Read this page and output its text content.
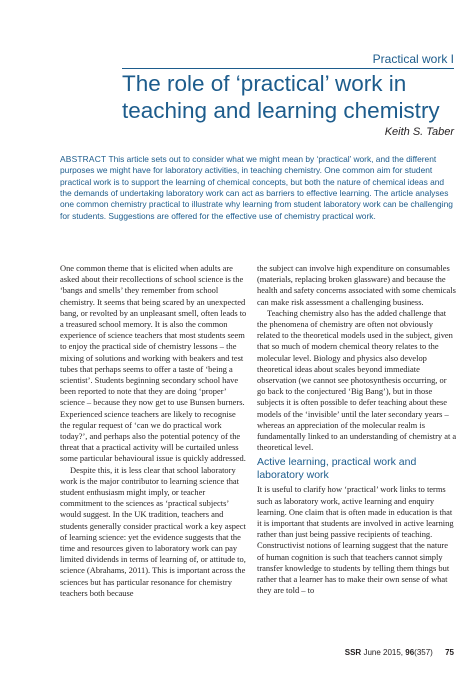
Practical work I
The role of ‘practical’ work in teaching and learning chemistry
Keith S. Taber
ABSTRACT This article sets out to consider what we might mean by ‘practical’ work, and the different purposes we might have for laboratory activities, in teaching chemistry. One common aim for student practical work is to support the learning of chemical concepts, but both the nature of chemical ideas and the demands of undertaking laboratory work can act as barriers to effective learning. The article analyses one common chemistry practical to illustrate why learning from student laboratory work can be challenging for students. Suggestions are offered for the effective use of chemistry practical work.

One common theme that is elicited when adults are asked about their recollections of school science is the ‘bangs and smells’ they remember from school chemistry. It seems that being scared by an unexpected bang, or revolted by an unpleasant smell, often leads to a treasured school memory. It is also the common experience of science teachers that most students seem to enjoy the practical side of chemistry lessons – the mixing of solutions and working with beakers and test tubes that perhaps seems to offer a taste of ‘being a scientist’. Students beginning secondary school have been reported to note that they are doing ‘proper’ science – because they now get to use Bunsen burners. Experienced science teachers are likely to recognise the regular request of ‘can we do practical work today?’, and perhaps also the potential potency of the threat that a practical activity will be curtailed unless some particular behavioural issue is quickly addressed.

Despite this, it is less clear that school laboratory work is the major contributor to learning science that student enthusiasm might imply, or teacher commitment to the sciences as ‘practical subjects’ would suggest. In the UK tradition, teachers and students generally consider practical work a key aspect of learning science: yet the evidence suggests that the time and resources given to laboratory work can pay limited dividends in terms of learning of, or attitude to, science (Abrahams, 2011). This is important across the sciences but has particular resonance for chemistry teachers both because

the subject can involve high expenditure on consumables (materials, replacing broken glassware) and because the health and safety concerns associated with some chemicals can make risk assessment a challenging business.

Teaching chemistry also has the added challenge that the phenomena of chemistry are often not obviously related to the theoretical models used in the subject, given that so much of modern chemical theory relates to the molecular level. Biology and physics also develop theoretical ideas about scales beyond immediate observation (we cannot see photosynthesis occurring, or go back to the conjectured ‘Big Bang’), but in those subjects it is often possible to defer teaching about these models of the ‘invisible’ until the later secondary years – whereas an appreciation of the molecular realm is fundamentally linked to an understanding of chemistry at a theoretical level.

Active learning, practical work and laboratory work

It is useful to clarify how ‘practical’ work links to terms such as laboratory work, active learning and enquiry learning. One claim that is often made in education is that it is important that students are involved in active learning rather than just being passive recipients of teaching. Constructivist notions of learning suggest that the nature of human cognition is such that teachers cannot simply transfer knowledge to students by telling them things but rather that a learner has to make their own sense of what they are told – to

SSR June 2015, 96(357) 75
